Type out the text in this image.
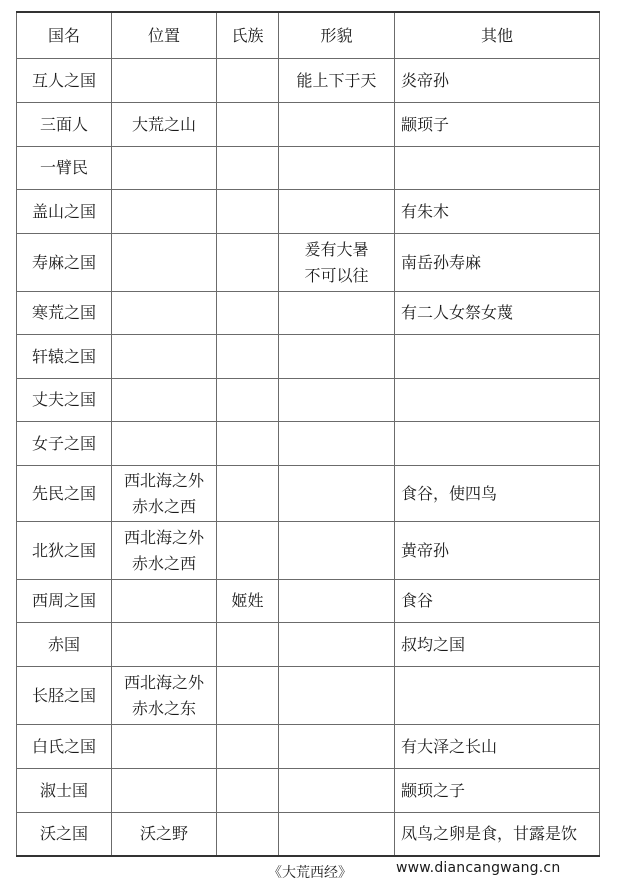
国名	位置	氏族	形貌	其他

互人之国			能上下于天	炎帝孙

三面人	大荒之山			颛顼子

一臂民				

盖山之国				有朱木

寿麻之国			爰有大暑
不可以往	南岳孙寿麻

寒荒之国				有二人女祭女蔑

轩辕之国				

丈夫之国				

女子之国				

先民之国	西北海之外
赤水之西			食谷，使四鸟

北狄之国	西北海之外
赤水之西			黄帝孙

西周之国		姬姓		食谷

赤国				叔均之国

长胫之国	西北海之外
赤水之东			

白氏之国				有大泽之长山

淑士国				颛顼之子

沃之国	沃之野			凤鸟之卵是食，甘露是饮
《大荒西经》	www.diancangwang.cn
